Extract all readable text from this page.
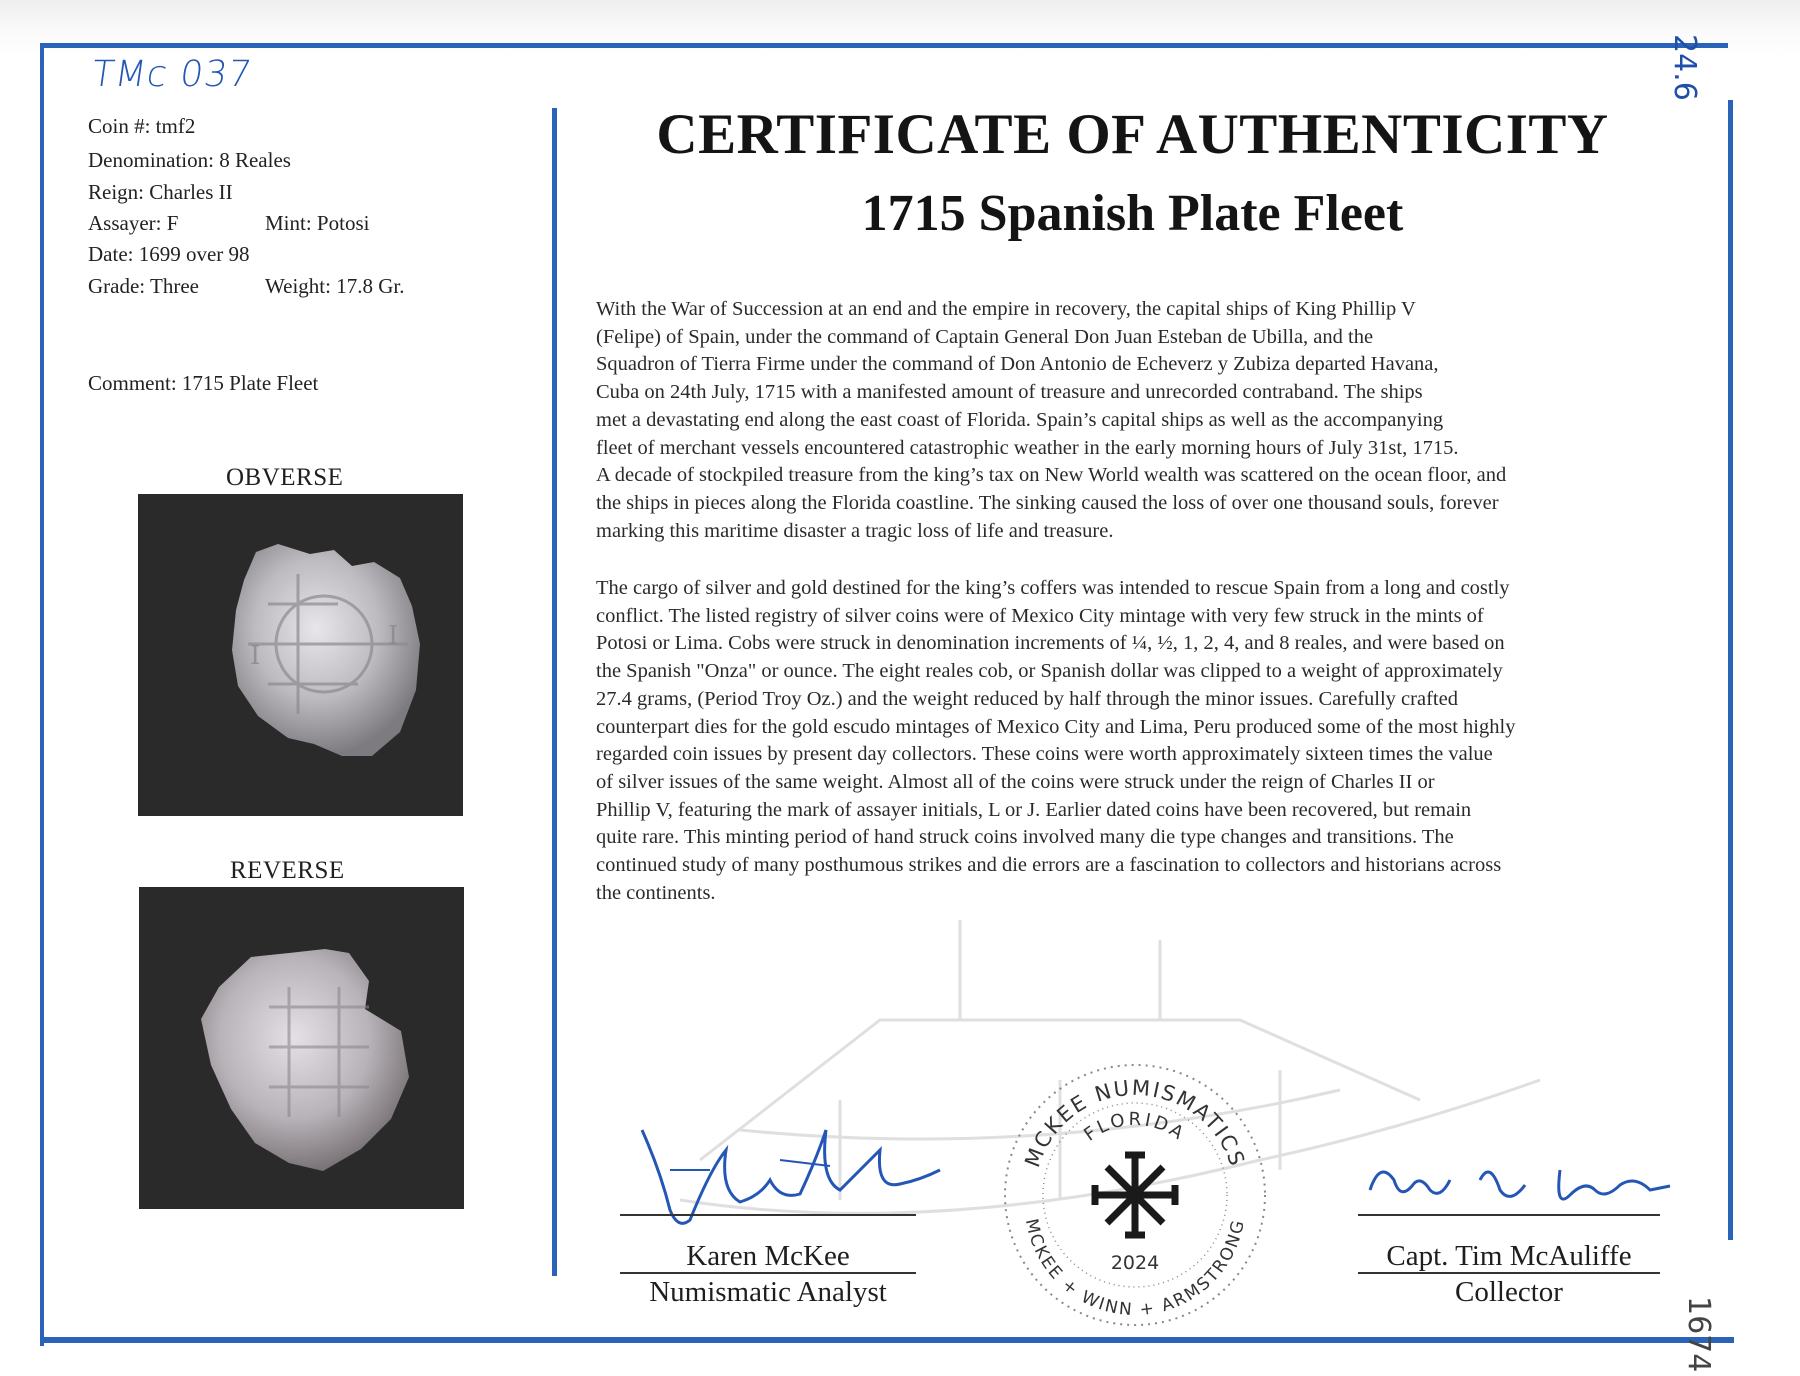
TMc 037	24.6
1674
Coin #: tmf2
Denomination: 8 Reales
Reign: Charles II
Assayer: F	Mint: Potosi
Date: 1699 over 98
Grade: Three	Weight: 17.8 Gr.
Comment: 1715 Plate Fleet
OBVERSE
I
I
REVERSE
CERTIFICATE OF AUTHENTICITY
1715 Spanish Plate Fleet
With the War of Succession at an end and the empire in recovery, the capital ships of King Phillip V
(Felipe) of Spain, under the command of Captain General Don Juan Esteban de Ubilla, and the
Squadron of Tierra Firme under the command of Don Antonio de Echeverz y Zubiza departed Havana,
Cuba on 24th July, 1715 with a manifested amount of treasure and unrecorded contraband. The ships
met a devastating end along the east coast of Florida. Spain’s capital ships as well as the accompanying
fleet of merchant vessels encountered catastrophic weather in the early morning hours of July 31st, 1715.
A decade of stockpiled treasure from the king’s tax on New World wealth was scattered on the ocean floor, and
the ships in pieces along the Florida coastline. The sinking caused the loss of over one thousand souls, forever
marking this maritime disaster a tragic loss of life and treasure.
The cargo of silver and gold destined for the king’s coffers was intended to rescue Spain from a long and costly
conflict. The listed registry of silver coins were of Mexico City mintage with very few struck in the mints of
Potosi or Lima. Cobs were struck in denomination increments of ¼, ½, 1, 2, 4, and 8 reales, and were based on
the Spanish "Onza" or ounce. The eight reales cob, or Spanish dollar was clipped to a weight of approximately
27.4 grams, (Period Troy Oz.) and the weight reduced by half through the minor issues. Carefully crafted
counterpart dies for the gold escudo mintages of Mexico City and Lima, Peru produced some of the most highly
regarded coin issues by present day collectors. These coins were worth approximately sixteen times the value
of silver issues of the same weight. Almost all of the coins were struck under the reign of Charles II or
Phillip V, featuring the mark of assayer initials, L or J. Earlier dated coins have been recovered, but remain
quite rare. This minting period of hand struck coins involved many die type changes and transitions. The
continued study of many posthumous strikes and die errors are a fascination to collectors and historians across
the continents.
Karen McKee
Numismatic Analyst
MCKEE NUMISMATICS
FLORIDA
MCKEE + WINN + ARMSTRONG
2024	Capt. Tim McAuliffe
Collector
